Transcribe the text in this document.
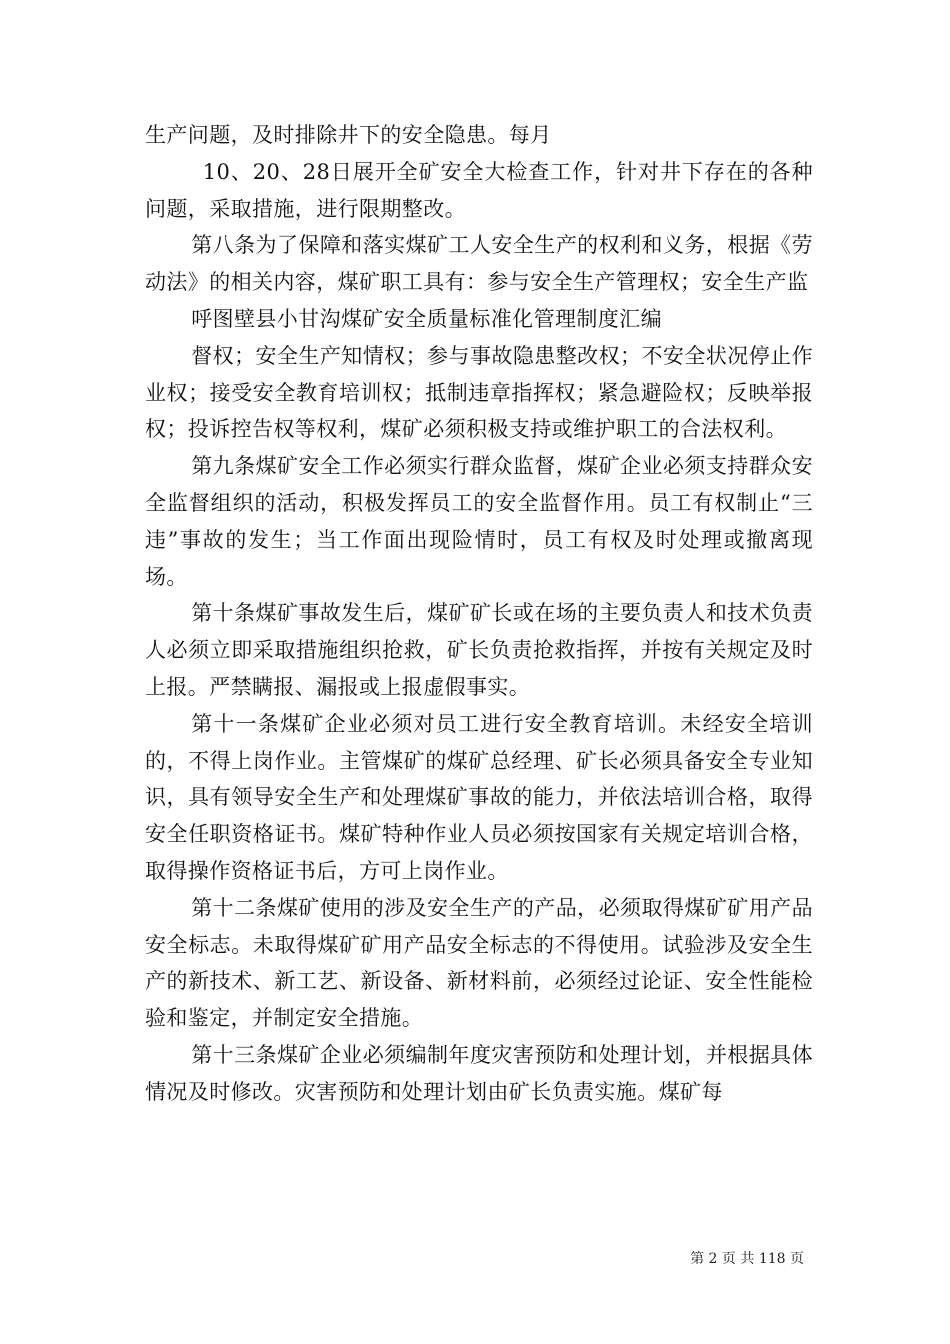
生产问题，及时排除井下的安全隐患。每月

10、20、28日展开全矿安全大检查工作，针对井下存在的各种问题，采取措施，进行限期整改。

第八条为了保障和落实煤矿工人安全生产的权利和义务，根据《劳动法》的相关内容，煤矿职工具有：参与安全生产管理权；安全生产监

呼图壁县小甘沟煤矿安全质量标准化管理制度汇编

督权；安全生产知情权；参与事故隐患整改权；不安全状况停止作业权；接受安全教育培训权；抵制违章指挥权；紧急避险权；反映举报权；投诉控告权等权利，煤矿必须积极支持或维护职工的合法权利。

第九条煤矿安全工作必须实行群众监督，煤矿企业必须支持群众安全监督组织的活动，积极发挥员工的安全监督作用。员工有权制止“三违”事故的发生；当工作面出现险情时，员工有权及时处理或撤离现场。

第十条煤矿事故发生后，煤矿矿长或在场的主要负责人和技术负责人必须立即采取措施组织抢救，矿长负责抢救指挥，并按有关规定及时上报。严禁瞒报、漏报或上报虚假事实。

第十一条煤矿企业必须对员工进行安全教育培训。未经安全培训的，不得上岗作业。主管煤矿的煤矿总经理、矿长必须具备安全专业知识，具有领导安全生产和处理煤矿事故的能力，并依法培训合格，取得安全任职资格证书。煤矿特种作业人员必须按国家有关规定培训合格，取得操作资格证书后，方可上岗作业。

第十二条煤矿使用的涉及安全生产的产品，必须取得煤矿矿用产品安全标志。未取得煤矿矿用产品安全标志的不得使用。试验涉及安全生产的新技术、新工艺、新设备、新材料前，必须经过论证、安全性能检验和鉴定，并制定安全措施。

第十三条煤矿企业必须编制年度灾害预防和处理计划，并根据具体情况及时修改。灾害预防和处理计划由矿长负责实施。煤矿每

第 2 页 共 118 页
